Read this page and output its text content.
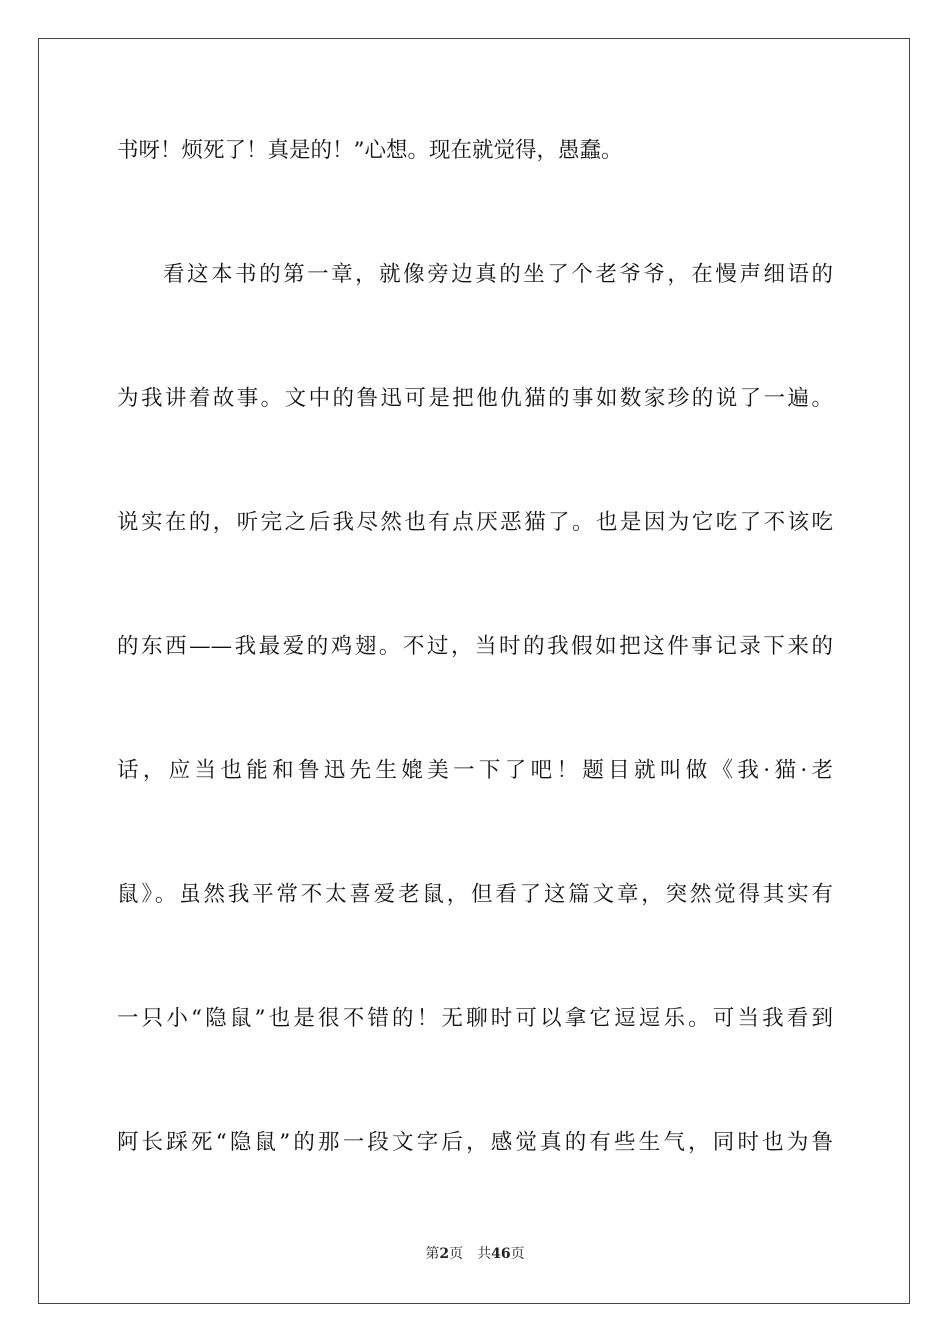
书呀！烦死了！真是的！”心想。现在就觉得，愚蠢。
看这本书的第一章，就像旁边真的坐了个老爷爷，在慢声细语的
为我讲着故事。文中的鲁迅可是把他仇猫的事如数家珍的说了一遍。
说实在的，听完之后我尽然也有点厌恶猫了。也是因为它吃了不该吃
的东西——我最爱的鸡翅。不过，当时的我假如把这件事记录下来的
话，应当也能和鲁迅先生媲美一下了吧！题目就叫做《我·猫·老
鼠》。虽然我平常不太喜爱老鼠，但看了这篇文章，突然觉得其实有
一只小“隐鼠”也是很不错的！无聊时可以拿它逗逗乐。可当我看到
阿长踩死“隐鼠”的那一段文字后，感觉真的有些生气，同时也为鲁
第2页 共46页
